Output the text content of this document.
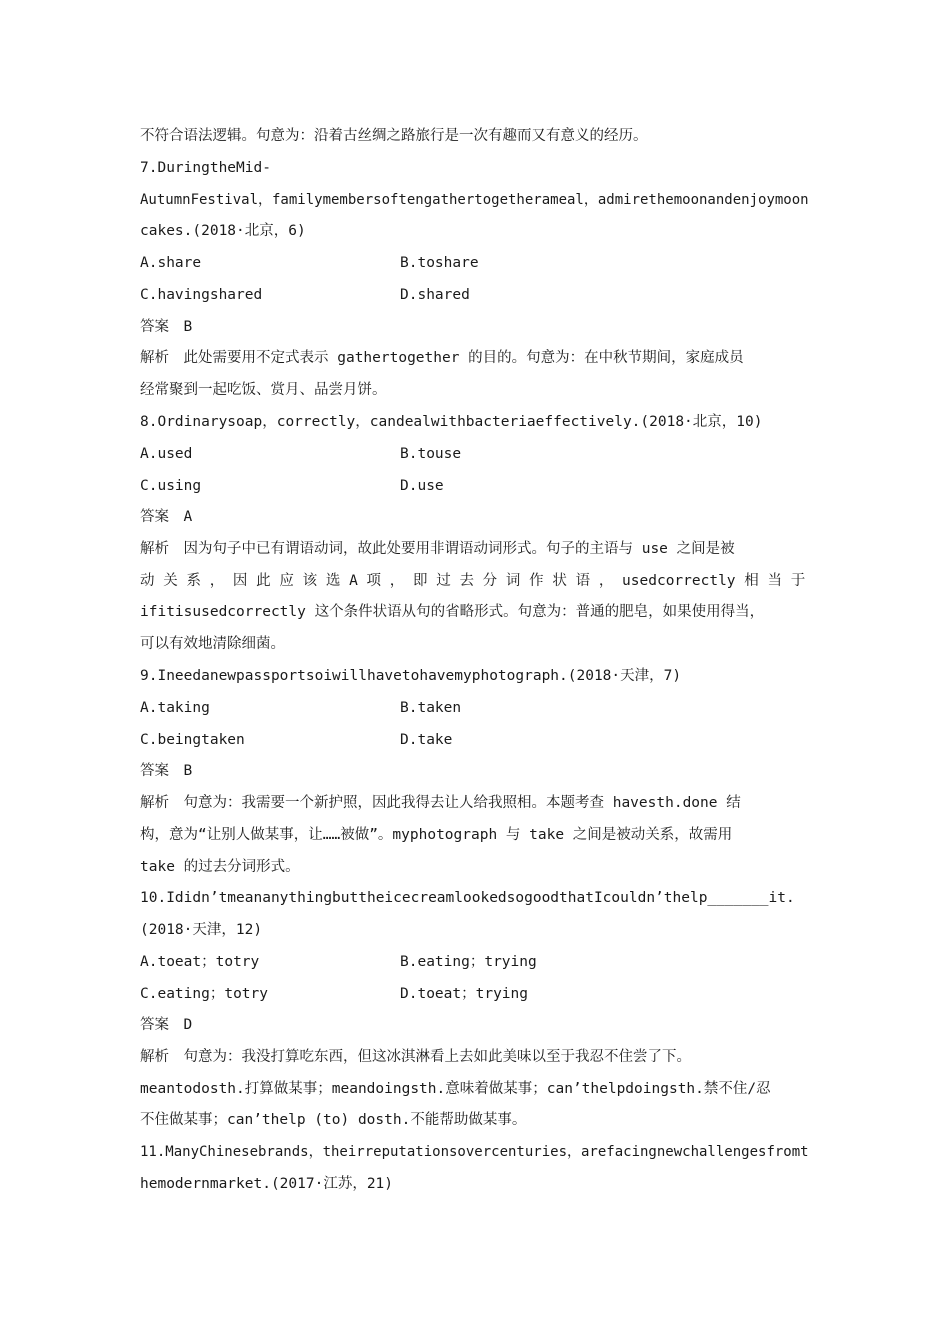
不符合语法逻辑。句意为：沿着古丝绸之路旅行是一次有趣而又有意义的经历。
7.DuringtheMid-
AutumnFestival，familymembersoftengathertogetherameal，admirethemoonandenjoymoon
cakes.(2018·北京，6)
A.share	B.toshare
C.havingshared	D.shared
答案　B
解析　此处需要用不定式表示 gathertogether 的目的。句意为：在中秋节期间，家庭成员
经常聚到一起吃饭、赏月、品尝月饼。
8.Ordinarysoap，correctly，candealwithbacteriaeffectively.(2018·北京，10)
A.used	B.touse
C.using	D.use
答案　A
解析　因为句子中已有谓语动词，故此处要用非谓语动词形式。句子的主语与 use 之间是被
动 关 系 ， 因 此 应 该 选 A 项 ， 即 过 去 分 词 作 状 语 ， usedcorrectly 相 当 于
ifitisusedcorrectly 这个条件状语从句的省略形式。句意为：普通的肥皂，如果使用得当，
可以有效地清除细菌。
9.Ineedanewpassportsoiwillhavetohavemyphotograph.(2018·天津，7)
A.taking	B.taken
C.beingtaken	D.take
答案　B
解析　句意为：我需要一个新护照，因此我得去让人给我照相。本题考查 havesth.done 结
构，意为“让别人做某事，让……被做”。myphotograph 与 take 之间是被动关系，故需用
take 的过去分词形式。
10.Ididn’tmeananythingbuttheicecreamlookedsogoodthatIcouldn’thelp_______it.
(2018·天津，12)
A.toeat；totry	B.eating；trying
C.eating；totry	D.toeat；trying
答案　D
解析　句意为：我没打算吃东西，但这冰淇淋看上去如此美味以至于我忍不住尝了下。
meantodosth.打算做某事；meandoingsth.意味着做某事；can’thelpdoingsth.禁不住/忍
不住做某事；can’thelp (to) dosth.不能帮助做某事。
11.ManyChinesebrands，theirreputationsovercenturies，arefacingnewchallengesfromt
hemodernmarket.(2017·江苏，21)
